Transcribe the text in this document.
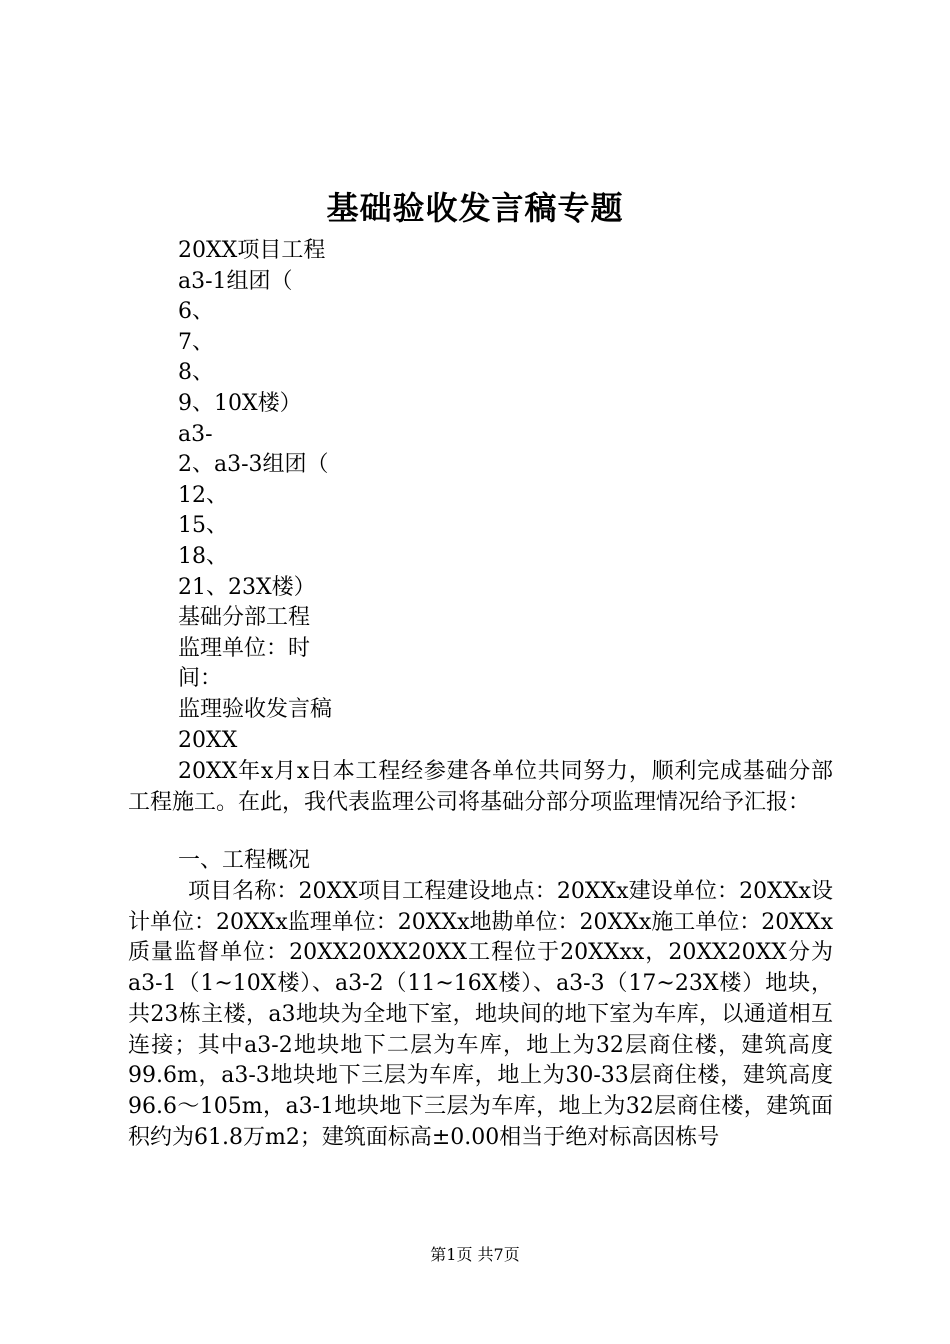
基础验收发言稿专题
20XX项目工程
a3-1组团（
6、
7、
8、
9、10X楼）
a3-
2、a3-3组团（
12、
15、
18、
21、23X楼）
基础分部工程
监理单位：时
间：
监理验收发言稿
20XX
20XX年x月x日本工程经参建各单位共同努力，顺利完成基础分部工程施工。在此，我代表监理公司将基础分部分项监理情况给予汇报：
一、工程概况
项目名称：20XX项目工程建设地点：20XXx建设单位：20XXx设计单位：20XXx监理单位：20XXx地勘单位：20XXx施工单位：20XXx质量监督单位：20XX20XX20XX工程位于20XXxx，20XX20XX分为a3-1（1~10X楼）、a3-2（11~16X楼）、a3-3（17~23X楼）地块，共23栋主楼，a3地块为全地下室，地块间的地下室为车库，以通道相互连接；其中a3-2地块地下二层为车库，地上为32层商住楼，建筑高度99.6m，a3-3地块地下三层为车库，地上为30-33层商住楼，建筑高度96.6～105m，a3-1地块地下三层为车库，地上为32层商住楼，建筑面积约为61.8万m2；建筑面标高±0.00相当于绝对标高因栋号
第1页 共7页
